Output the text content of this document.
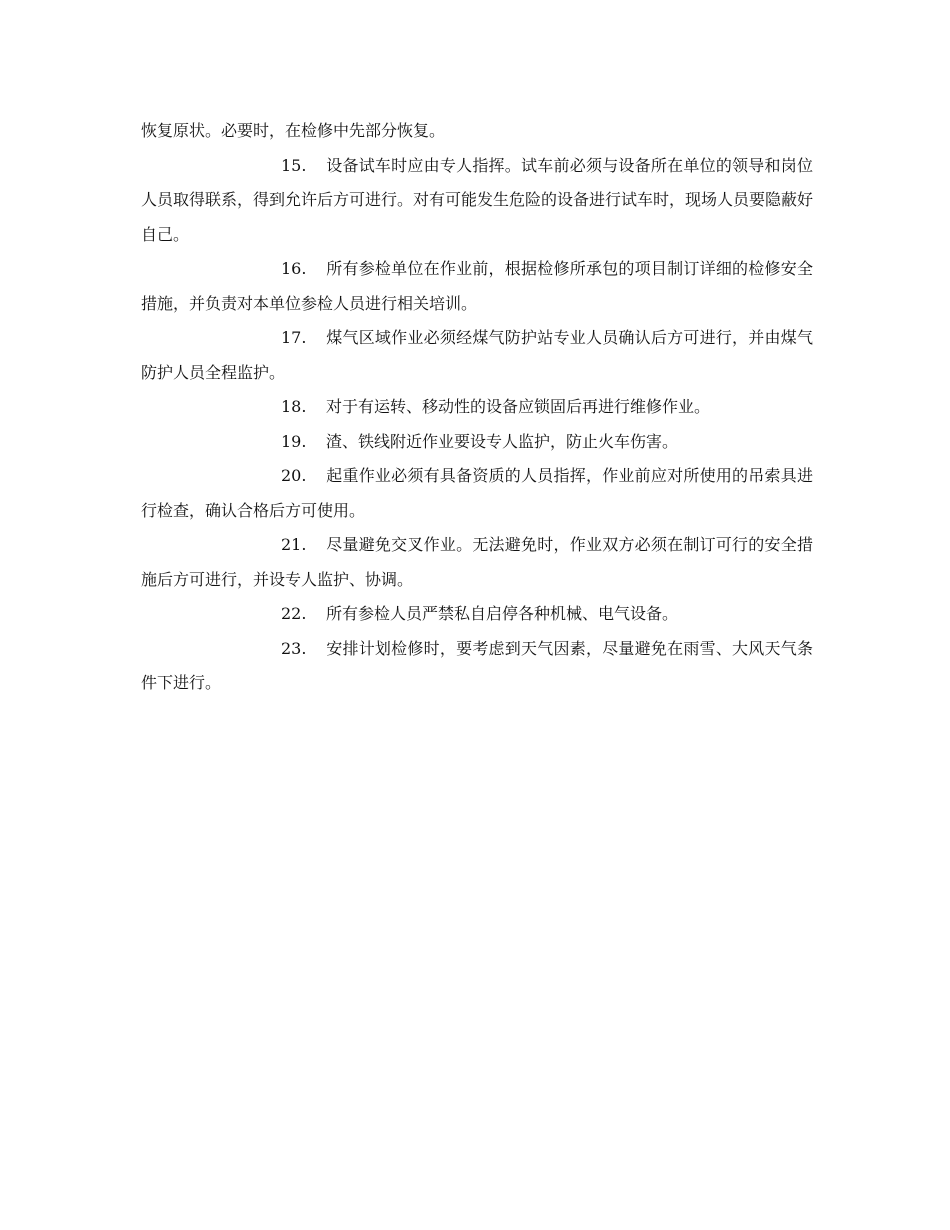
恢复原状。必要时，在检修中先部分恢复。

15. 设备试车时应由专人指挥。试车前必须与设备所在单位的领导和岗位人员取得联系，得到允许后方可进行。对有可能发生危险的设备进行试车时，现场人员要隐蔽好自己。

16. 所有参检单位在作业前，根据检修所承包的项目制订详细的检修安全措施，并负责对本单位参检人员进行相关培训。

17. 煤气区域作业必须经煤气防护站专业人员确认后方可进行，并由煤气防护人员全程监护。

18. 对于有运转、移动性的设备应锁固后再进行维修作业。

19. 渣、铁线附近作业要设专人监护，防止火车伤害。

20. 起重作业必须有具备资质的人员指挥，作业前应对所使用的吊索具进行检查，确认合格后方可使用。

21. 尽量避免交叉作业。无法避免时，作业双方必须在制订可行的安全措施后方可进行，并设专人监护、协调。

22. 所有参检人员严禁私自启停各种机械、电气设备。

23. 安排计划检修时，要考虑到天气因素，尽量避免在雨雪、大风天气条件下进行。
